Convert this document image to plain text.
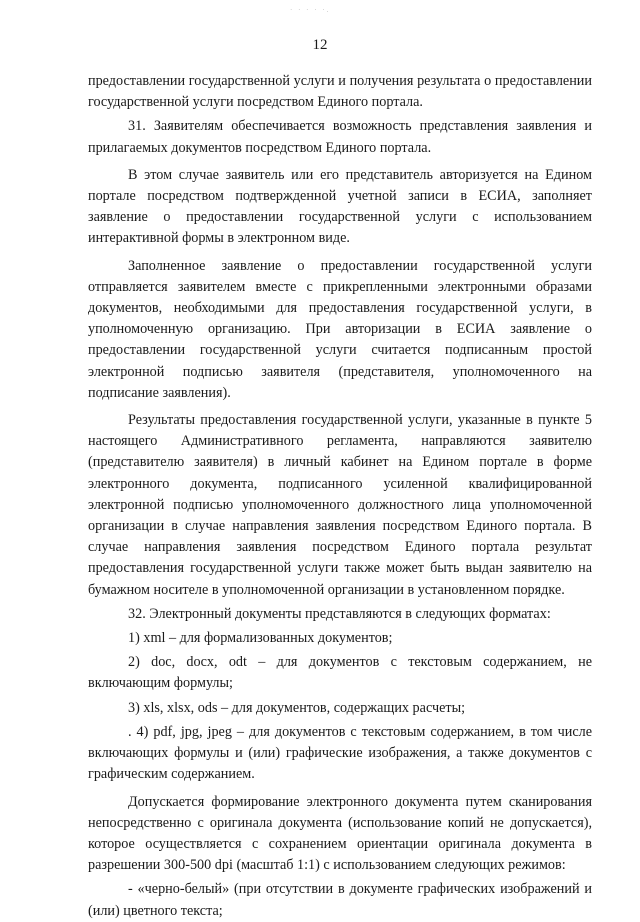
· · · · ·.
12

предоставлении государственной услуги и получения результата о предоставлении государственной услуги посредством Единого портала.

31. Заявителям обеспечивается возможность представления заявления и прилагаемых документов посредством Единого портала.

В этом случае заявитель или его представитель авторизуется на Едином портале посредством подтвержденной учетной записи в ЕСИА, заполняет заявление о предоставлении государственной услуги с использованием интерактивной формы в электронном виде.

Заполненное заявление о предоставлении государственной услуги отправляется заявителем вместе с прикрепленными электронными образами документов, необходимыми для предоставления государственной услуги, в уполномоченную организацию. При авторизации в ЕСИА заявление о предоставлении государственной услуги считается подписанным простой электронной подписью заявителя (представителя, уполномоченного на подписание заявления).

Результаты предоставления государственной услуги, указанные в пункте 5 настоящего Административного регламента, направляются заявителю (представителю заявителя) в личный кабинет на Едином портале в форме электронного документа, подписанного усиленной квалифицированной электронной подписью уполномоченного должностного лица уполномоченной организации в случае направления заявления посредством Единого портала. В случае направления заявления посредством Единого портала результат предоставления государственной услуги также может быть выдан заявителю на бумажном носителе в уполномоченной организации в установленном порядке.

32. Электронный документы представляются в следующих форматах:

1) xml – для формализованных документов;

2) doc, docx, odt – для документов с текстовым содержанием, не включающим формулы;

3) xls, xlsx, ods – для документов, содержащих расчеты;

. 4) pdf, jpg, jpeg – для документов с текстовым содержанием, в том числе включающих формулы и (или) графические изображения, а также документов с графическим содержанием.

Допускается формирование электронного документа путем сканирования непосредственно с оригинала документа (использование копий не допускается), которое осуществляется с сохранением ориентации оригинала документа в разрешении 300-500 dpi (масштаб 1:1) с использованием следующих режимов:

- «черно-белый» (при отсутствии в документе графических изображений и (или) цветного текста;
